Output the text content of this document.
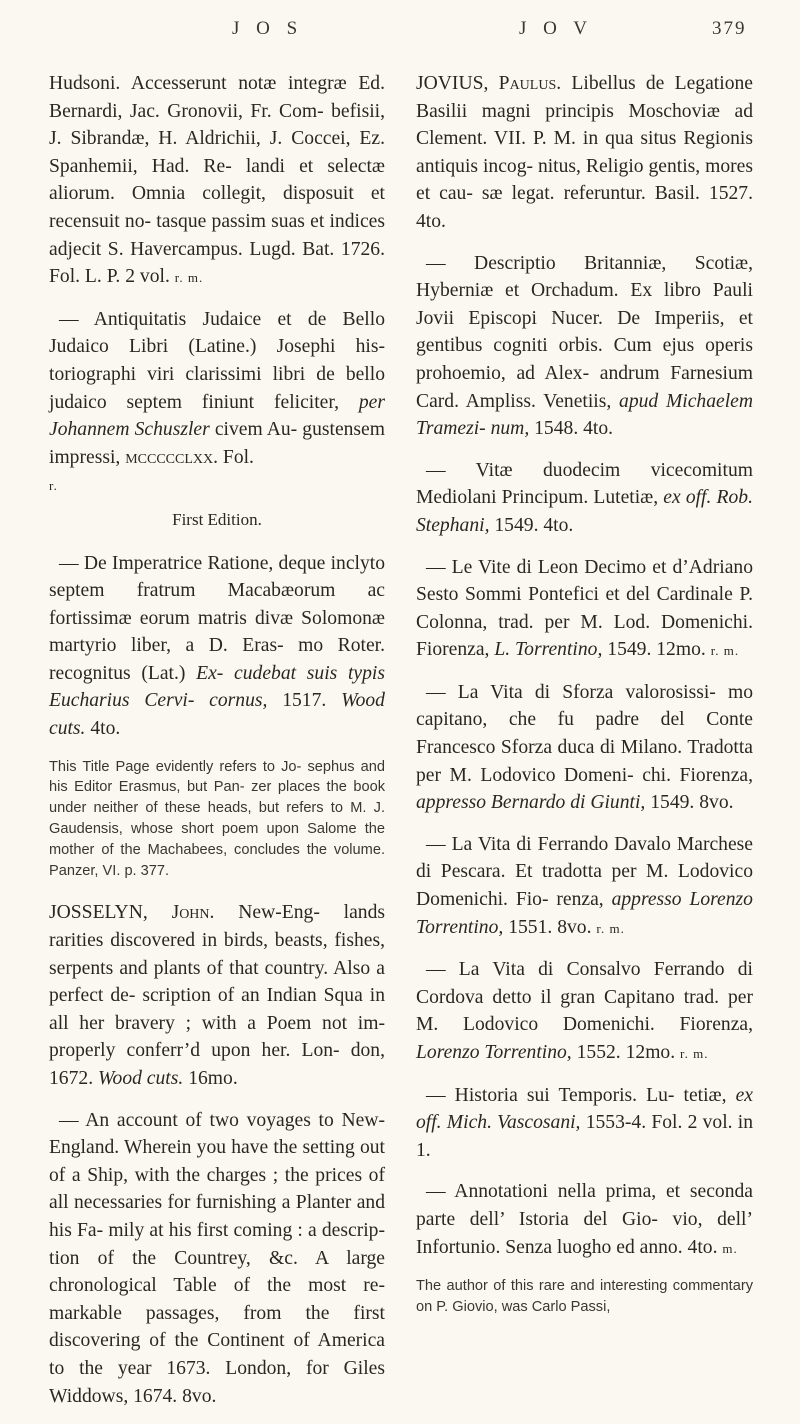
J O S	J O V	379

Hudsoni. Accesserunt notæ integræ Ed. Bernardi, Jac. Gronovii, Fr. Com- befisii, J. Sibrandæ, H. Aldrichii, J. Coccei, Ez. Spanhemii, Had. Re- landi et selectæ aliorum. Omnia collegit, disposuit et recensuit no- tasque passim suas et indices adjecit S. Havercampus. Lugd. Bat. 1726. Fol. L. P. 2 vol. r. m.

— Antiquitatis Judaice et de Bello Judaico Libri (Latine.) Josephi his- toriographi viri clarissimi libri de bello judaico septem finiunt feliciter, per Johannem Schuszler civem Au- gustensem impressi, mccccclxx. Fol.
r.

First Edition.

— De Imperatrice Ratione, deque inclyto septem fratrum Macabæorum ac fortissimæ eorum matris divæ Solomonæ martyrio liber, a D. Eras- mo Roter. recognitus (Lat.) Ex- cudebat suis typis Eucharius Cervi- cornus, 1517. Wood cuts. 4to.

This Title Page evidently refers to Jo- sephus and his Editor Erasmus, but Pan- zer places the book under neither of these heads, but refers to M. J. Gaudensis, whose short poem upon Salome the mother of the Machabees, concludes the volume. Panzer, VI. p. 377.

JOSSELYN, John. New-Eng- lands rarities discovered in birds, beasts, fishes, serpents and plants of that country. Also a perfect de- scription of an Indian Squa in all her bravery ; with a Poem not im- properly conferr’d upon her. Lon- don, 1672. Wood cuts. 16mo.

— An account of two voyages to New-England. Wherein you have the setting out of a Ship, with the charges ; the prices of all necessaries for furnishing a Planter and his Fa- mily at his first coming : a descrip- tion of the Countrey, &c. A large chronological Table of the most re- markable passages, from the first discovering of the Continent of America to the year 1673. London, for Giles Widdows, 1674. 8vo.

JOVIUS, Paulus. Libellus de Legatione Basilii magni principis Moschoviæ ad Clement. VII. P. M. in qua situs Regionis antiquis incog- nitus, Religio gentis, mores et cau- sæ legat. referuntur. Basil. 1527. 4to.

— Descriptio Britanniæ, Scotiæ, Hyberniæ et Orchadum. Ex libro Pauli Jovii Episcopi Nucer. De Imperiis, et gentibus cogniti orbis. Cum ejus operis prohoemio, ad Alex- andrum Farnesium Card. Ampliss. Venetiis, apud Michaelem Tramezi- num, 1548. 4to.

— Vitæ duodecim vicecomitum Mediolani Principum. Lutetiæ, ex off. Rob. Stephani, 1549. 4to.

— Le Vite di Leon Decimo et d’Adriano Sesto Sommi Pontefici et del Cardinale P. Colonna, trad. per M. Lod. Domenichi. Fiorenza, L. Torrentino, 1549. 12mo. r. m.

— La Vita di Sforza valorosissi- mo capitano, che fu padre del Conte Francesco Sforza duca di Milano. Tradotta per M. Lodovico Domeni- chi. Fiorenza, appresso Bernardo di Giunti, 1549. 8vo.

— La Vita di Ferrando Davalo Marchese di Pescara. Et tradotta per M. Lodovico Domenichi. Fio- renza, appresso Lorenzo Torrentino, 1551. 8vo. r. m.

— La Vita di Consalvo Ferrando di Cordova detto il gran Capitano trad. per M. Lodovico Domenichi. Fiorenza, Lorenzo Torrentino, 1552. 12mo. r. m.

— Historia sui Temporis. Lu- tetiæ, ex off. Mich. Vascosani, 1553-4. Fol. 2 vol. in 1.

— Annotationi nella prima, et seconda parte dell’ Istoria del Gio- vio, dell’ Infortunio. Senza luogho ed anno. 4to. m.

The author of this rare and interesting commentary on P. Giovio, was Carlo Passi,
